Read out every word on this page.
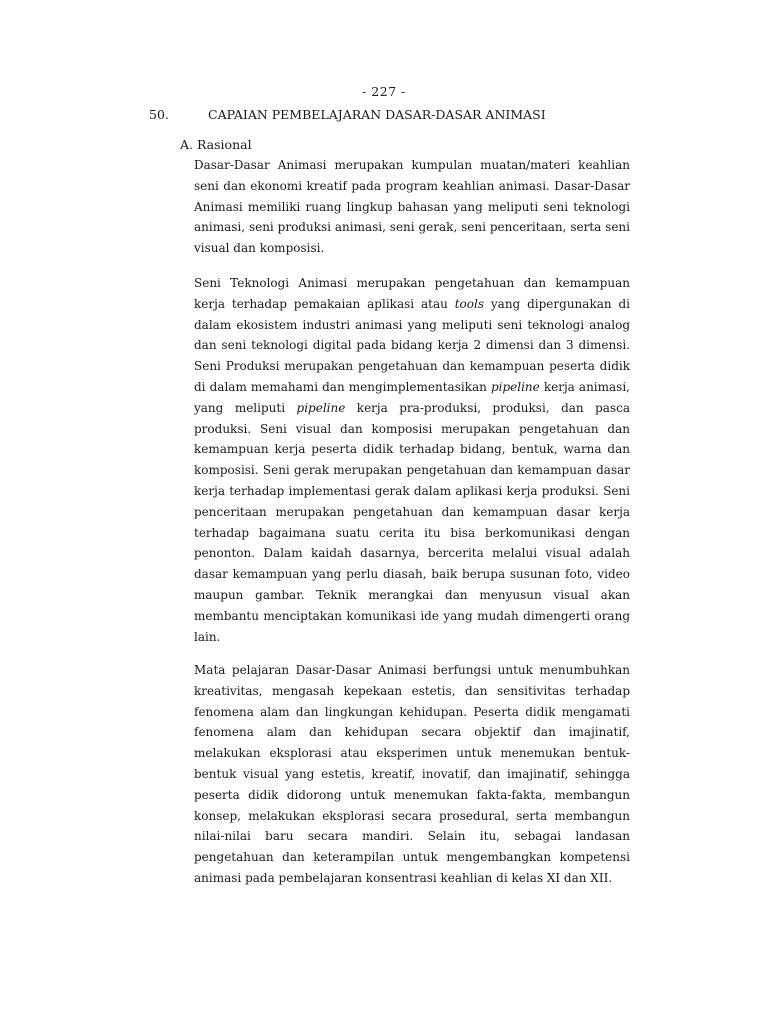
- 227 -
50.	CAPAIAN PEMBELAJARAN DASAR-DASAR ANIMASI
A. Rasional

Dasar-Dasar Animasi merupakan kumpulan muatan/materi keahlian seni dan ekonomi kreatif pada program keahlian animasi. Dasar-Dasar Animasi memiliki ruang lingkup bahasan yang meliputi seni teknologi animasi, seni produksi animasi, seni gerak, seni penceritaan, serta seni visual dan komposisi.

Seni Teknologi Animasi merupakan pengetahuan dan kemampuan kerja terhadap pemakaian aplikasi atau tools yang dipergunakan di dalam ekosistem industri animasi yang meliputi seni teknologi analog dan seni teknologi digital pada bidang kerja 2 dimensi dan 3 dimensi. Seni Produksi merupakan pengetahuan dan kemampuan peserta didik di dalam memahami dan mengimplementasikan pipeline kerja animasi, yang meliputi pipeline kerja pra-produksi, produksi, dan pasca produksi. Seni visual dan komposisi merupakan pengetahuan dan kemampuan kerja peserta didik terhadap bidang, bentuk, warna dan komposisi. Seni gerak merupakan pengetahuan dan kemampuan dasar kerja terhadap implementasi gerak dalam aplikasi kerja produksi. Seni penceritaan merupakan pengetahuan dan kemampuan dasar kerja terhadap bagaimana suatu cerita itu bisa berkomunikasi dengan penonton. Dalam kaidah dasarnya, bercerita melalui visual adalah dasar kemampuan yang perlu diasah, baik berupa susunan foto, video maupun gambar. Teknik merangkai dan menyusun visual akan membantu menciptakan komunikasi ide yang mudah dimengerti orang lain.

Mata pelajaran Dasar-Dasar Animasi berfungsi untuk menumbuhkan kreativitas, mengasah kepekaan estetis, dan sensitivitas terhadap fenomena alam dan lingkungan kehidupan. Peserta didik mengamati fenomena alam dan kehidupan secara objektif dan imajinatif, melakukan eksplorasi atau eksperimen untuk menemukan bentuk-bentuk visual yang estetis, kreatif, inovatif, dan imajinatif, sehingga peserta didik didorong untuk menemukan fakta-fakta, membangun konsep, melakukan eksplorasi secara prosedural, serta membangun nilai-nilai baru secara mandiri. Selain itu, sebagai landasan pengetahuan dan keterampilan untuk mengembangkan kompetensi animasi pada pembelajaran konsentrasi keahlian di kelas XI dan XII.
